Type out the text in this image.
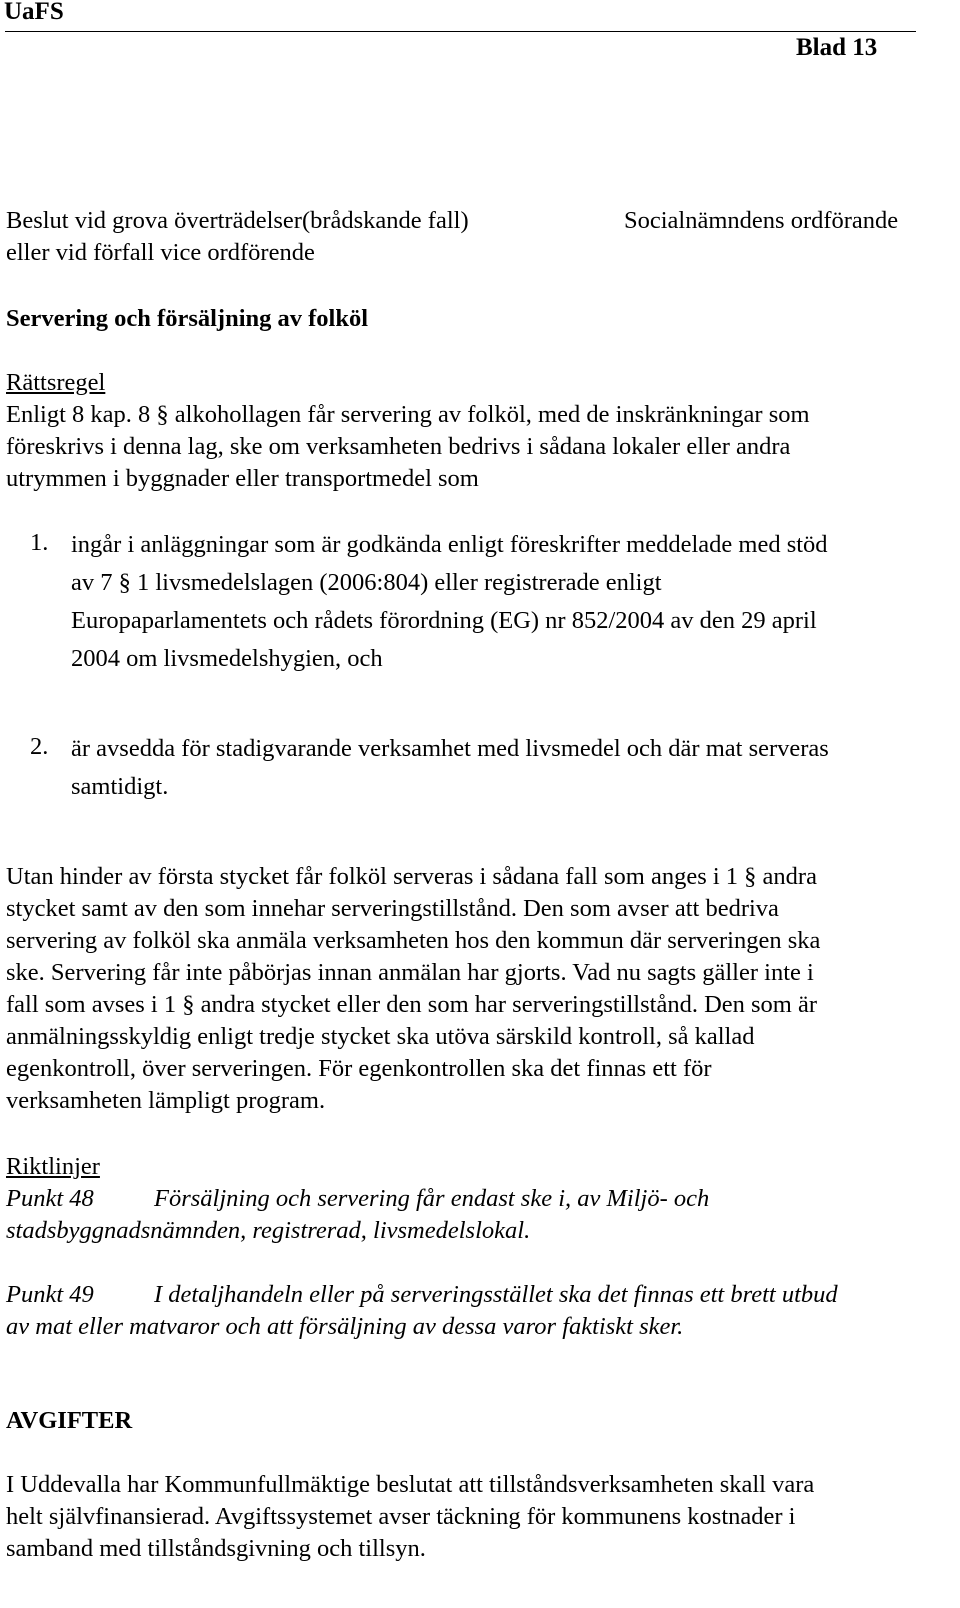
UaFS
Blad 13
Beslut vid grova överträdelser(brådskande fall)
eller vid förfall vice ordförende
Socialnämndens ordförande
Servering och försäljning av folköl
Rättsregel
Enligt 8 kap. 8 § alkohollagen får servering av folköl, med de inskränkningar som
föreskrivs i denna lag, ske om verksamheten bedrivs i sådana lokaler eller andra
utrymmen i byggnader eller transportmedel som
1. ingår i anläggningar som är godkända enligt föreskrifter meddelade med stöd
av 7 § 1 livsmedelslagen (2006:804) eller registrerade enligt
Europaparlamentets och rådets förordning (EG) nr 852/2004 av den 29 april
2004 om livsmedelshygien, och
2. är avsedda för stadigvarande verksamhet med livsmedel och där mat serveras
samtidigt.
Utan hinder av första stycket får folköl serveras i sådana fall som anges i 1 § andra
stycket samt av den som innehar serveringstillstånd. Den som avser att bedriva
servering av folköl ska anmäla verksamheten hos den kommun där serveringen ska
ske. Servering får inte påbörjas innan anmälan har gjorts. Vad nu sagts gäller inte i
fall som avses i 1 § andra stycket eller den som har serveringstillstånd. Den som är
anmälningsskyldig enligt tredje stycket ska utöva särskild kontroll, så kallad
egenkontroll, över serveringen. För egenkontrollen ska det finnas ett för
verksamheten lämpligt program.
Riktlinjer
Punkt 48 Försäljning och servering får endast ske i, av Miljö- och
stadsbyggnadsnämnden, registrerad, livsmedelslokal.
Punkt 49 I detaljhandeln eller på serveringsstället ska det finnas ett brett utbud
av mat eller matvaror och att försäljning av dessa varor faktiskt sker.
AVGIFTER
I Uddevalla har Kommunfullmäktige beslutat att tillståndsverksamheten skall vara
helt självfinansierad. Avgiftssystemet avser täckning för kommunens kostnader i
samband med tillståndsgivning och tillsyn.
